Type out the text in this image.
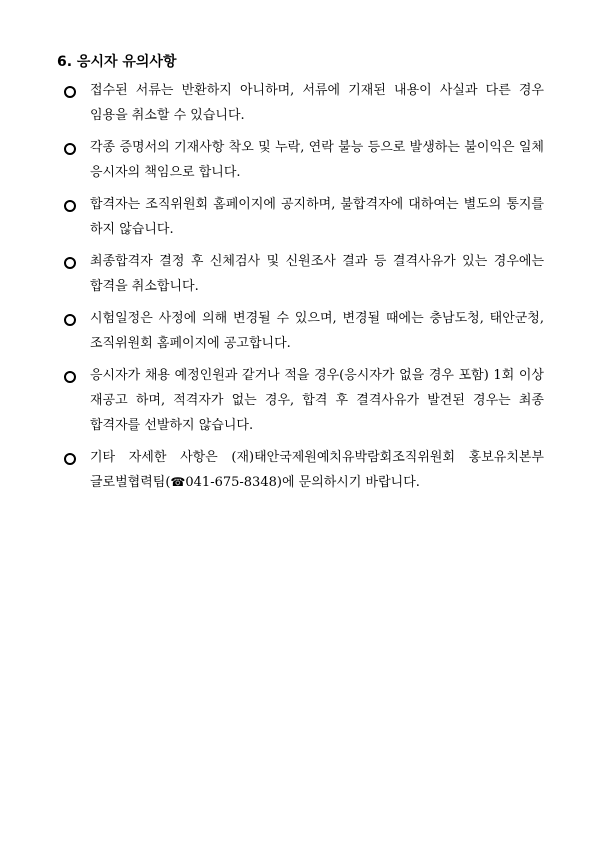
6. 응시자 유의사항
접수된 서류는 반환하지 아니하며, 서류에 기재된 내용이 사실과 다른 경우 임용을 취소할 수 있습니다.
각종 증명서의 기재사항 착오 및 누락, 연락 불능 등으로 발생하는 불이익은 일체 응시자의 책임으로 합니다.
합격자는 조직위원회 홈페이지에 공지하며, 불합격자에 대하여는 별도의 통지를 하지 않습니다.
최종합격자 결정 후 신체검사 및 신원조사 결과 등 결격사유가 있는 경우에는 합격을 취소합니다.
시험일정은 사정에 의해 변경될 수 있으며, 변경될 때에는 충남도청, 태안군청, 조직위원회 홈페이지에 공고합니다.
응시자가 채용 예정인원과 같거나 적을 경우(응시자가 없을 경우 포함) 1회 이상 재공고 하며, 적격자가 없는 경우, 합격 후 결격사유가 발견된 경우는 최종 합격자를 선발하지 않습니다.
기타 자세한 사항은 (재)태안국제원예치유박람회조직위원회 홍보유치본부 글로벌협력팀(☎041-675-8348)에 문의하시기 바랍니다.
